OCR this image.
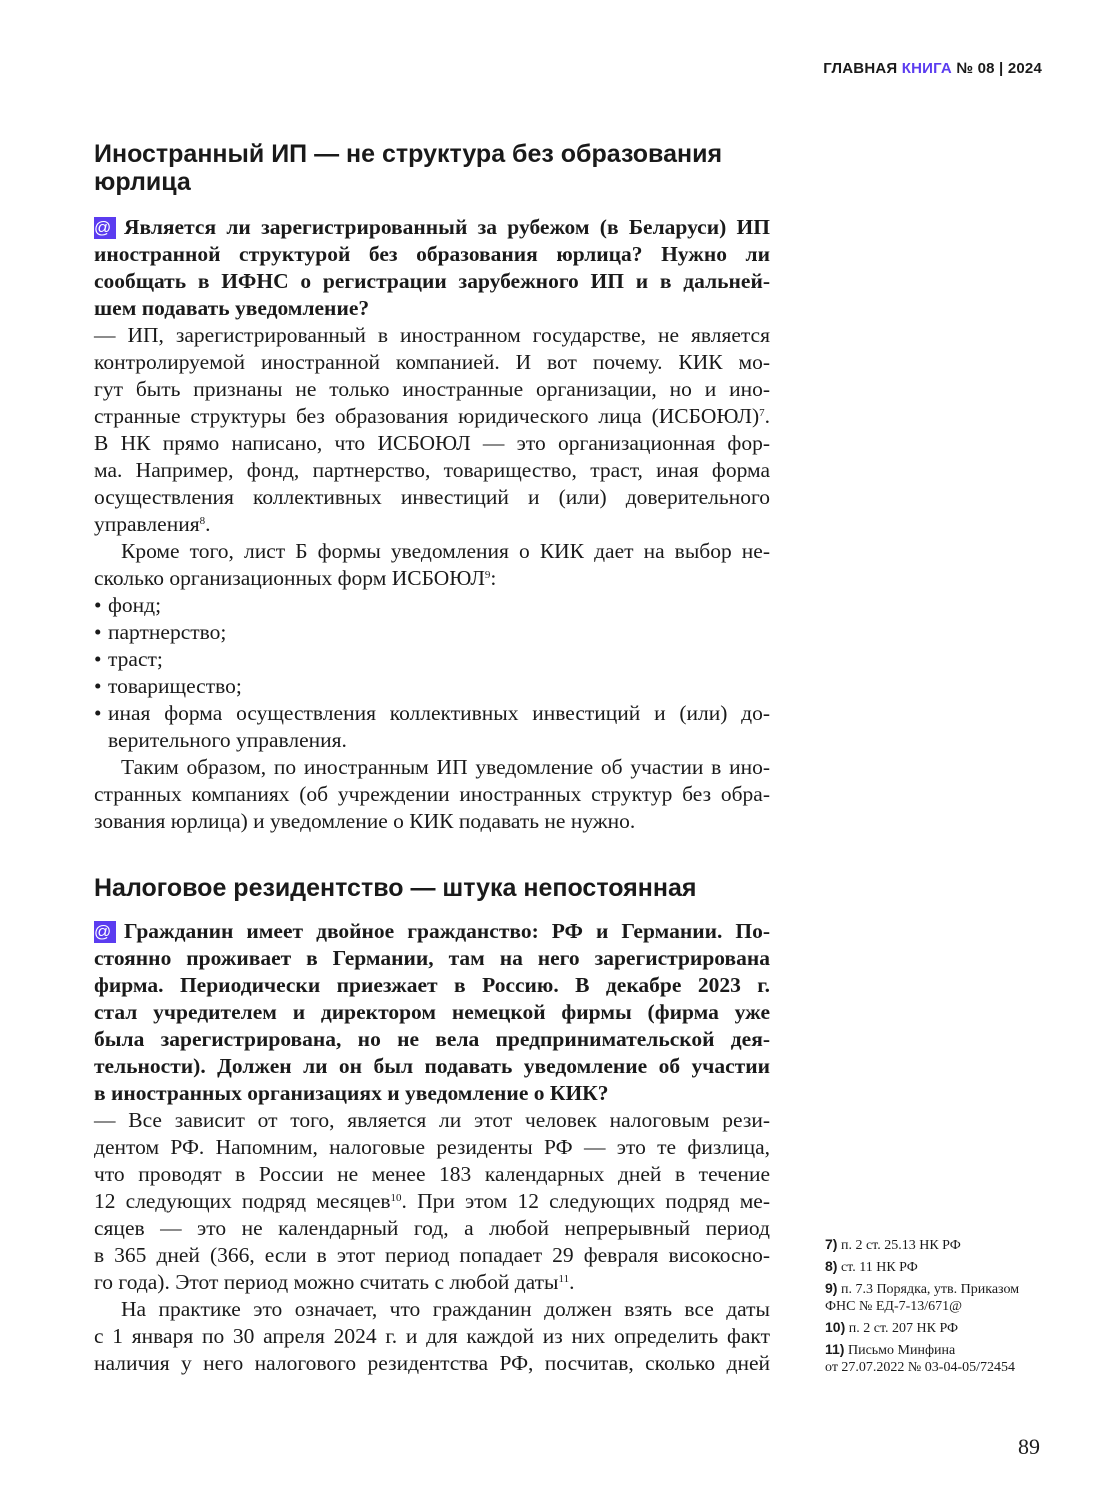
ГЛАВНАЯ КНИГА № 08 | 2024
Иностранный ИП — не структура без образования
юрлица
@ Является ли зарегистрированный за рубежом (в Беларуси) ИП
иностранной структурой без образования юрлица? Нужно ли
сообщать в ИФНС о регистрации зарубежного ИП и в дальней-
шем подавать уведомление?
— ИП, зарегистрированный в иностранном государстве, не является
контролируемой иностранной компанией. И вот почему. КИК мо-
гут быть признаны не только иностранные организации, но и ино-
странные структуры без образования юридического лица (ИСБОЮЛ)$^7$.
В НК прямо написано, что ИСБОЮЛ — это организационная фор-
ма. Например, фонд, партнерство, товарищество, траст, иная форма
осуществления коллективных инвестиций и (или) доверительного
управления$^8$.
Кроме того, лист Б формы уведомления о КИК дает на выбор не-
сколько организационных форм ИСБОЮЛ$^9$:
• фонд;
• партнерство;
• траст;
• товарищество;
• иная форма осуществления коллективных инвестиций и (или) до-
верительного управления.
Таким образом, по иностранным ИП уведомление об участии в ино-
странных компаниях (об учреждении иностранных структур без обра-
зования юрлица) и уведомление о КИК подавать не нужно.
Налоговое резидентство — штука непостоянная
@ Гражданин имеет двойное гражданство: РФ и Германии. По-
стоянно проживает в Германии, там на него зарегистрирована
фирма. Периодически приезжает в Россию. В декабре 2023 г.
стал учредителем и директором немецкой фирмы (фирма уже
была зарегистрирована, но не вела предпринимательской дея-
тельности). Должен ли он был подавать уведомление об участии
в иностранных организациях и уведомление о КИК?
— Все зависит от того, является ли этот человек налоговым рези-
дентом РФ. Напомним, налоговые резиденты РФ — это те физлица,
что проводят в России не менее 183 календарных дней в течение
12 следующих подряд месяцев$^{10}$. При этом 12 следующих подряд ме-
сяцев — это не календарный год, а любой непрерывный период
в 365 дней (366, если в этот период попадает 29 февраля високосно-
го года). Этот период можно считать с любой даты$^{11}$.
На практике это означает, что гражданин должен взять все даты
с 1 января по 30 апреля 2024 г. и для каждой из них определить факт
наличия у него налогового резидентства РФ, посчитав, сколько дней
7) п. 2 ст. 25.13 НК РФ
8) ст. 11 НК РФ
9) п. 7.3 Порядка, утв. Приказом
ФНС № ЕД-7-13/671@
10) п. 2 ст. 207 НК РФ
11) Письмо Минфина
от 27.07.2022 № 03-04-05/72454
89
